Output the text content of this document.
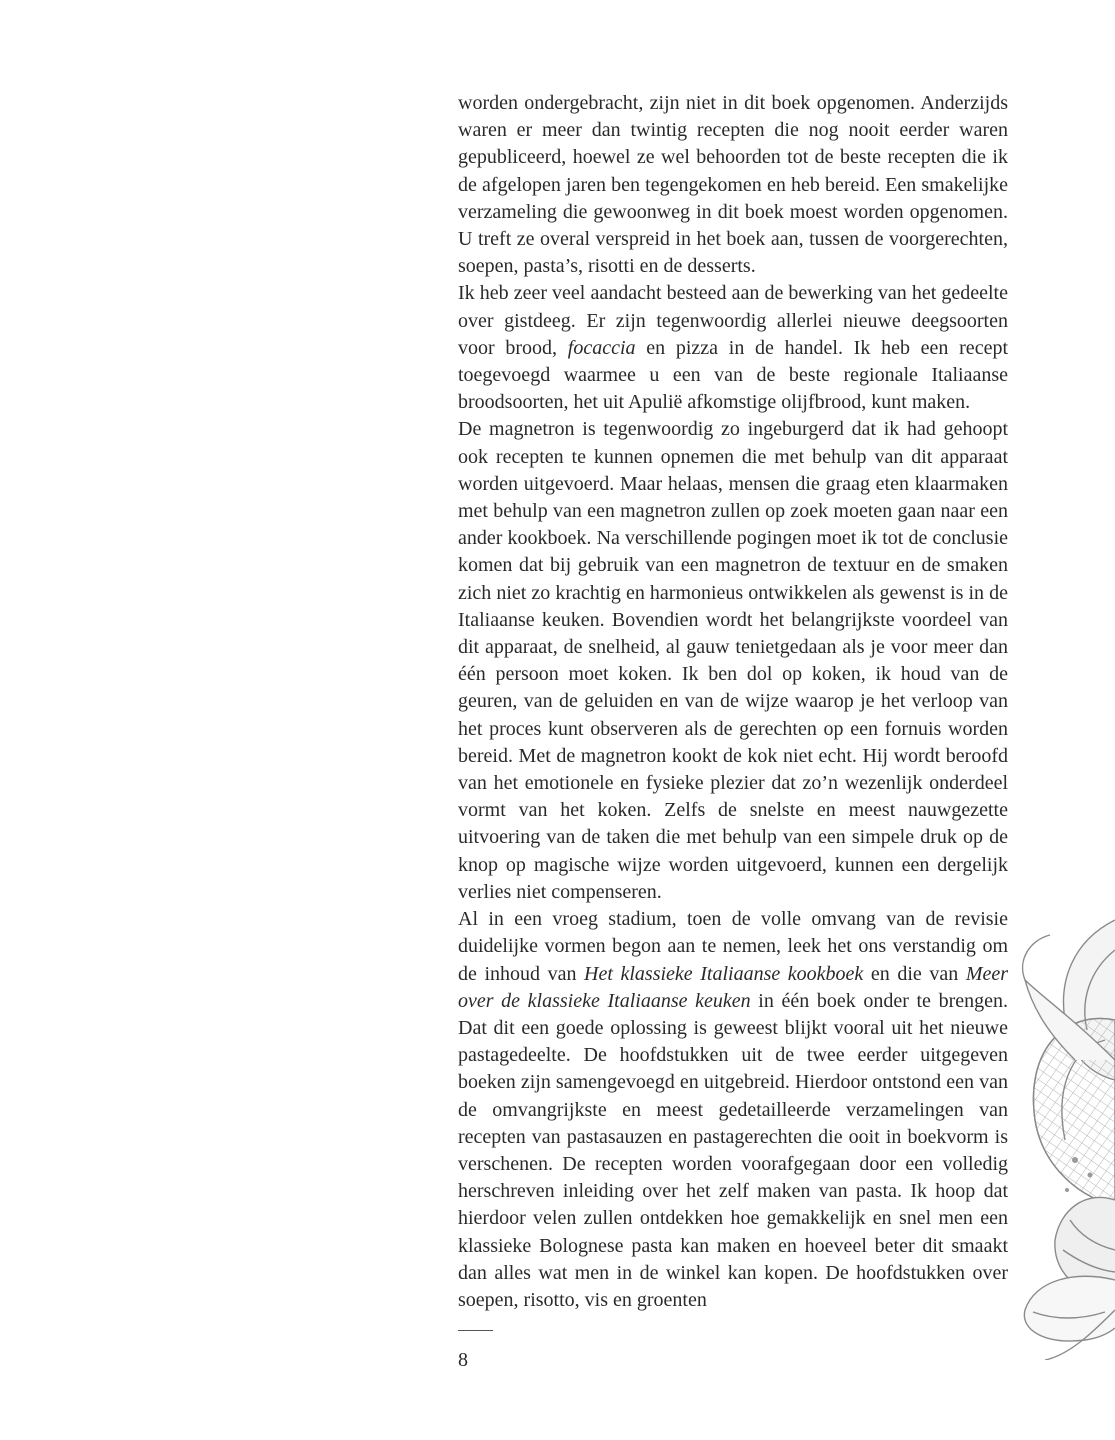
worden ondergebracht, zijn niet in dit boek opgenomen. Anderzijds waren er meer dan twintig recepten die nog nooit eerder waren gepubliceerd, hoewel ze wel behoorden tot de beste recepten die ik de afgelopen jaren ben tegengekomen en heb bereid. Een smakelijke verzameling die gewoonweg in dit boek moest worden opgenomen. U treft ze overal verspreid in het boek aan, tussen de voorgerechten, soepen, pasta’s, risotti en de desserts.

Ik heb zeer veel aandacht besteed aan de bewerking van het gedeelte over gistdeeg. Er zijn tegenwoordig allerlei nieuwe deegsoorten voor brood, focaccia en pizza in de handel. Ik heb een recept toegevoegd waarmee u een van de beste regionale Italiaanse broodsoorten, het uit Apulië afkomstige olijfbrood, kunt maken.

De magnetron is tegenwoordig zo ingeburgerd dat ik had gehoopt ook recepten te kunnen opnemen die met behulp van dit apparaat worden uitgevoerd. Maar helaas, mensen die graag eten klaarmaken met behulp van een magnetron zullen op zoek moeten gaan naar een ander kookboek. Na verschillende pogingen moet ik tot de conclusie komen dat bij gebruik van een magnetron de textuur en de smaken zich niet zo krachtig en harmonieus ontwikkelen als gewenst is in de Italiaanse keuken. Bovendien wordt het belangrijkste voordeel van dit apparaat, de snelheid, al gauw tenietgedaan als je voor meer dan één persoon moet koken. Ik ben dol op koken, ik houd van de geuren, van de geluiden en van de wijze waarop je het verloop van het proces kunt observeren als de gerechten op een fornuis worden bereid. Met de magnetron kookt de kok niet echt. Hij wordt beroofd van het emotionele en fysieke plezier dat zo’n wezenlijk onderdeel vormt van het koken. Zelfs de snelste en meest nauwgezette uitvoering van de taken die met behulp van een simpele druk op de knop op magische wijze worden uitgevoerd, kunnen een dergelijk verlies niet compenseren.

Al in een vroeg stadium, toen de volle omvang van de revisie duidelijke vormen begon aan te nemen, leek het ons verstandig om de inhoud van Het klassieke Italiaanse kookboek en die van Meer over de klassieke Italiaanse keuken in één boek onder te brengen. Dat dit een goede oplossing is geweest blijkt vooral uit het nieuwe pastagedeelte. De hoofdstukken uit de twee eerder uitgegeven boeken zijn samengevoegd en uitgebreid. Hierdoor ontstond een van de omvangrijkste en meest gedetailleerde verzamelingen van recepten van pastasauzen en pastagerechten die ooit in boekvorm is verschenen. De recepten worden voorafgegaan door een volledig herschreven inleiding over het zelf maken van pasta. Ik hoop dat hierdoor velen zullen ontdekken hoe gemakkelijk en snel men een klassieke Bolognese pasta kan maken en hoeveel beter dit smaakt dan alles wat men in de winkel kan kopen. De hoofdstukken over soepen, risotto, vis en groenten

8
